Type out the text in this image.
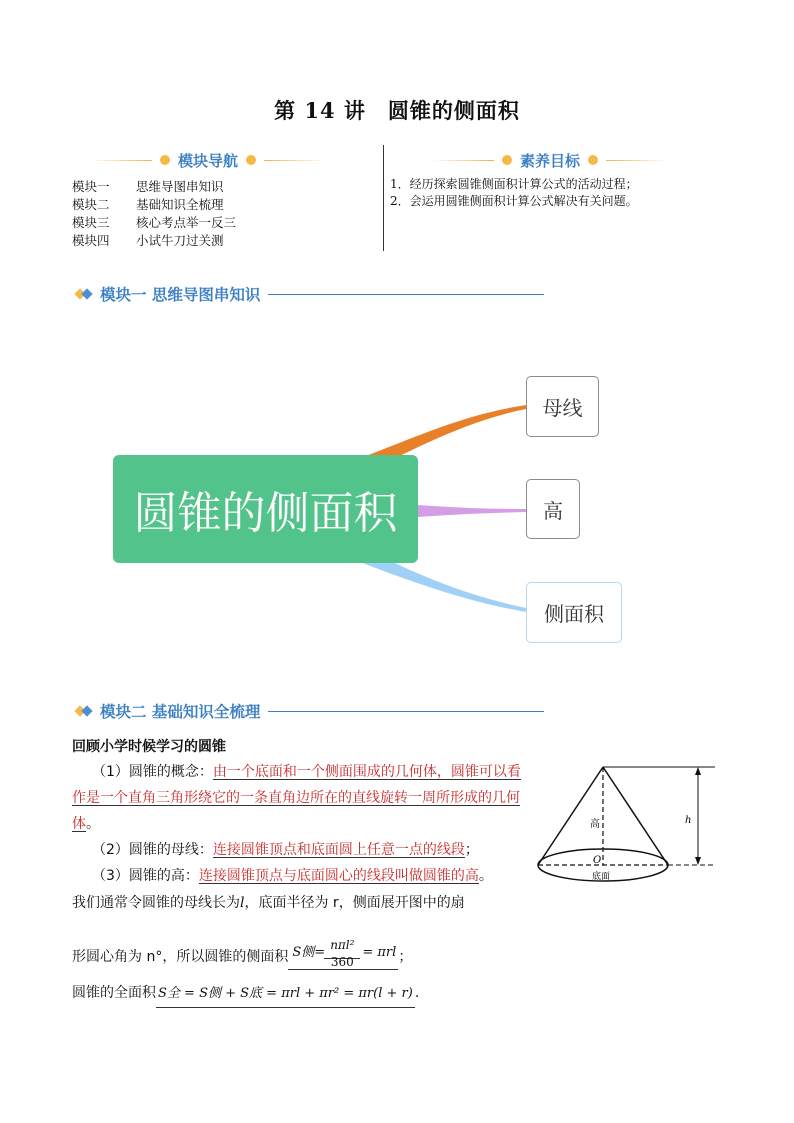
第 14 讲　圆锥的侧面积
模块导航
模块一	思维导图串知识
模块二	基础知识全梳理
模块三	核心考点举一反三
模块四	小试牛刀过关测
素养目标
1．经历探索圆锥侧面积计算公式的活动过程；
2．会运用圆锥侧面积计算公式解决有关问题。
模块一 思维导图串知识
圆锥的侧面积
母线
高
侧面积
模块二 基础知识全梳理
回顾小学时候学习的圆锥
（1）圆锥的概念：由一个底面和一个侧面围成的几何体，圆锥可以看作是一个直角三角形绕它的一条直角边所在的直线旋转一周所形成的几何体。
（2）圆锥的母线：连接圆锥顶点和底面圆上任意一点的线段；
（3）圆锥的高：连接圆锥顶点与底面圆心的线段叫做圆锥的高。
我们通常令圆锥的母线长为l，底面半径为 r，侧面展开图中的扇
形圆心角为 n°，所以圆锥的侧面积 S侧= nπl²
360
= πrl ；
圆锥的全面积 S全 = S侧 + S底 = πrl + πr² = πr(l + r) .
高	h
O
底面
